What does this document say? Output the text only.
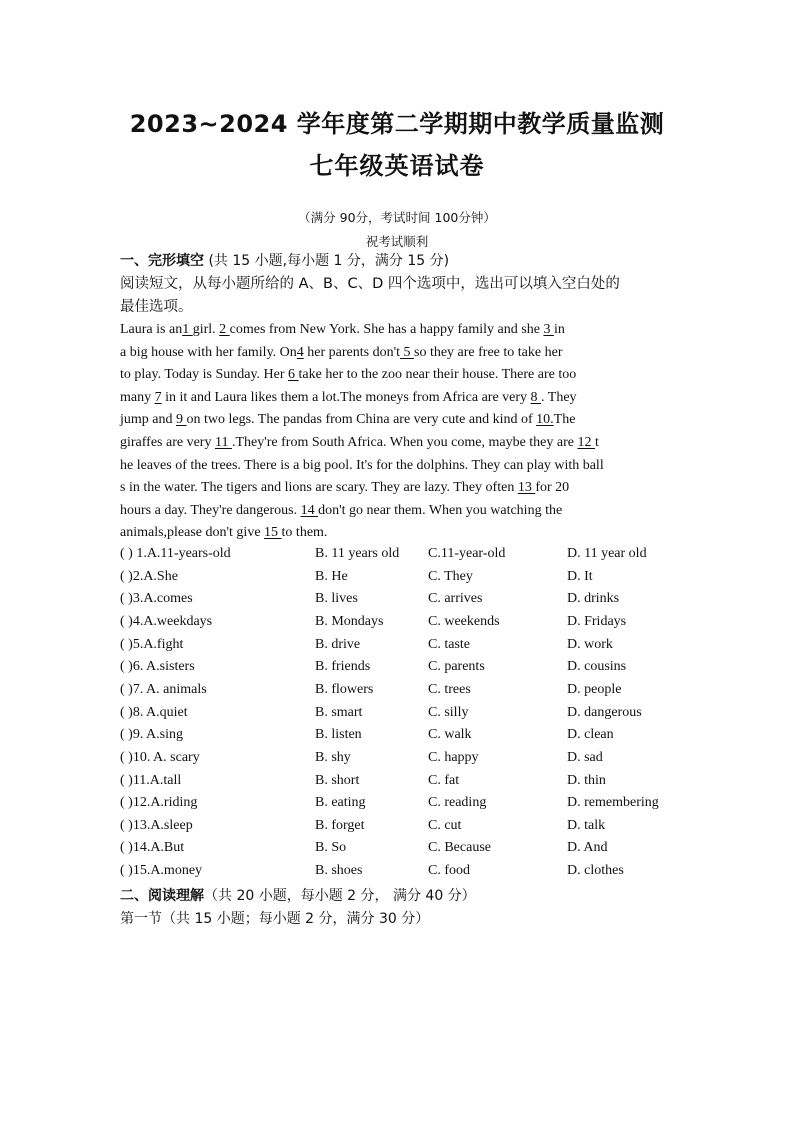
2023~2024 学年度第二学期期中教学质量监测
七年级英语试卷
（满分 90分，考试时间 100分钟）
祝考试顺利
一、完形填空 (共 15 小题,每小题 1 分，满分 15 分)
阅读短文，从每小题所给的 A、B、C、D 四个选项中，选出可以填入空白处的
最佳选项。
Laura is an1 girl. 2 comes from New York. She has a happy family and she 3 in
a big house with her family. On4 her parents don't 5 so they are free to take her
to play. Today is Sunday. Her 6 take her to the zoo near their house. There are too
many 7 in it and Laura likes them a lot.The moneys from Africa are very 8 . They
jump and 9 on two legs. The pandas from China are very cute and kind of 10.The
giraffes are very 11 .They're from South Africa. When you come, maybe they are 12 t
he leaves of the trees. There is a big pool. It's for the dolphins. They can play with ball
s in the water. The tigers and lions are scary. They are lazy. They often 13 for 20
hours a day. They're dangerous. 14 don't go near them. When you watching the
animals,please don't give 15 to them.
( ) 1.A.11-years-old	B. 11 years old C.11-year-old	D. 11 year old
( )2.A.She	B. He	C. They	D. It
( )3.A.comes	B. lives	C. arrives	D. drinks
( )4.A.weekdays	B. Mondays	C. weekends	D. Fridays
( )5.A.fight	B. drive	C. taste	D. work
( )6. A.sisters	B. friends	C. parents	D. cousins
( )7. A. animals	B. flowers	C. trees	D. people
( )8. A.quiet	B. smart	C. silly	D. dangerous
( )9. A.sing	B. listen	C. walk	D. clean
( )10. A. scary	B. shy	C. happy	D. sad
( )11.A.tall	B. short	C. fat	D. thin
( )12.A.riding	B. eating	C. reading	D. remembering
( )13.A.sleep	B. forget	C. cut	D. talk
( )14.A.But	B. So	C. Because	D. And
( )15.A.money	B. shoes	C. food	D. clothes
二、阅读理解（共 20 小题，每小题 2 分， 满分 40 分）
第一节（共 15 小题；每小题 2 分，满分 30 分）
